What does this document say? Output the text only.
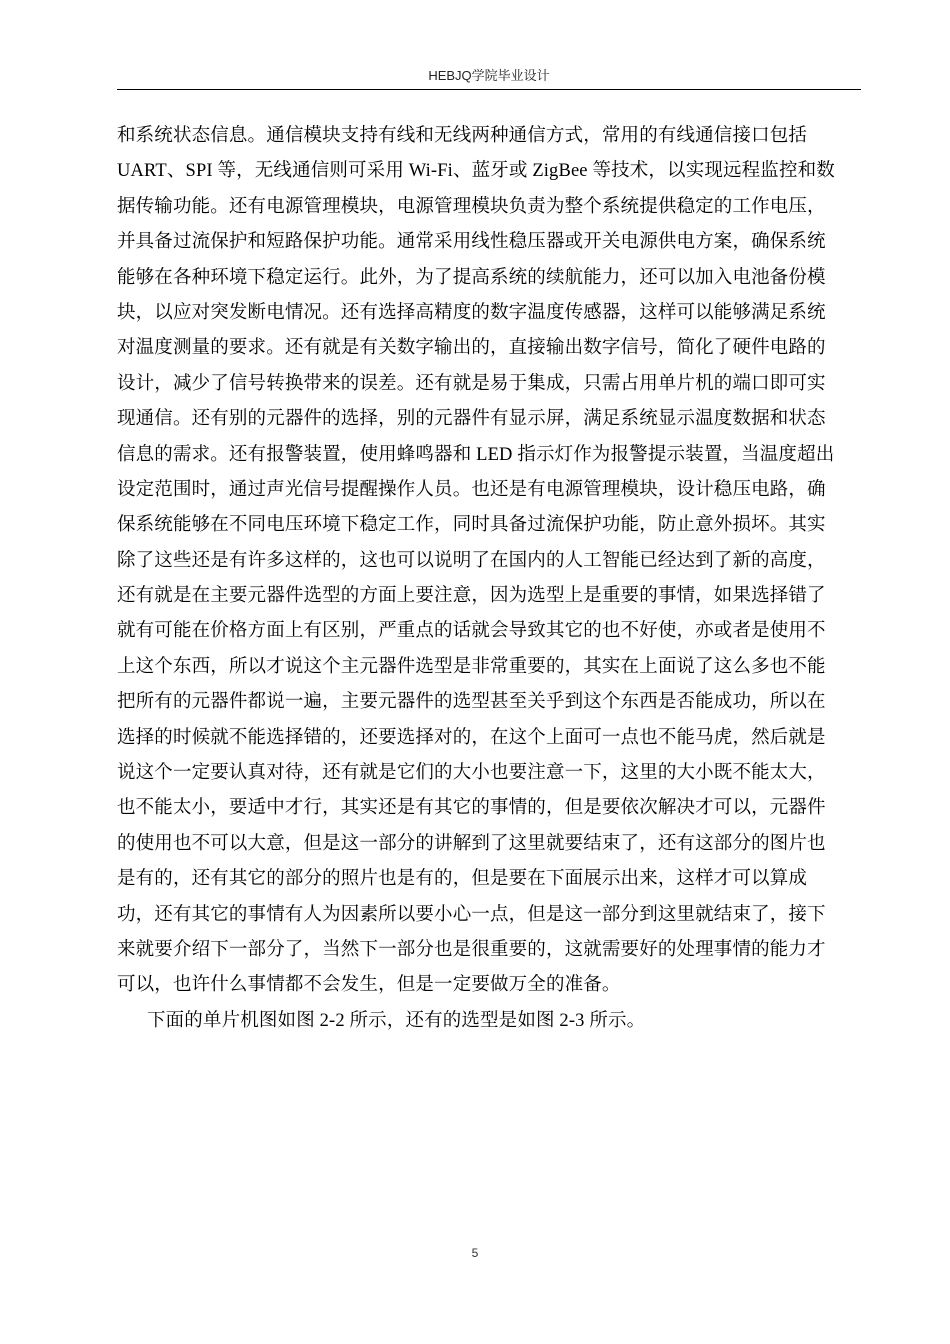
HEBJQ学院毕业设计
和系统状态信息。通信模块支持有线和无线两种通信方式，常用的有线通信接口包括
UART、SPI 等，无线通信则可采用 Wi-Fi、蓝牙或 ZigBee 等技术，以实现远程监控和数
据传输功能。还有电源管理模块，电源管理模块负责为整个系统提供稳定的工作电压，
并具备过流保护和短路保护功能。通常采用线性稳压器或开关电源供电方案，确保系统
能够在各种环境下稳定运行。此外，为了提高系统的续航能力，还可以加入电池备份模
块，以应对突发断电情况。还有选择高精度的数字温度传感器，这样可以能够满足系统
对温度测量的要求。还有就是有关数字输出的，直接输出数字信号，简化了硬件电路的
设计，减少了信号转换带来的误差。还有就是易于集成，只需占用单片机的端口即可实
现通信。还有别的元器件的选择，别的元器件有显示屏，满足系统显示温度数据和状态
信息的需求。还有报警装置，使用蜂鸣器和 LED 指示灯作为报警提示装置，当温度超出
设定范围时，通过声光信号提醒操作人员。也还是有电源管理模块，设计稳压电路，确
保系统能够在不同电压环境下稳定工作，同时具备过流保护功能，防止意外损坏。其实
除了这些还是有许多这样的，这也可以说明了在国内的人工智能已经达到了新的高度，
还有就是在主要元器件选型的方面上要注意，因为选型上是重要的事情，如果选择错了
就有可能在价格方面上有区别，严重点的话就会导致其它的也不好使，亦或者是使用不
上这个东西，所以才说这个主元器件选型是非常重要的，其实在上面说了这么多也不能
把所有的元器件都说一遍，主要元器件的选型甚至关乎到这个东西是否能成功，所以在
选择的时候就不能选择错的，还要选择对的，在这个上面可一点也不能马虎，然后就是
说这个一定要认真对待，还有就是它们的大小也要注意一下，这里的大小既不能太大，
也不能太小，要适中才行，其实还是有其它的事情的，但是要依次解决才可以，元器件
的使用也不可以大意，但是这一部分的讲解到了这里就要结束了，还有这部分的图片也
是有的，还有其它的部分的照片也是有的，但是要在下面展示出来，这样才可以算成
功，还有其它的事情有人为因素所以要小心一点，但是这一部分到这里就结束了，接下
来就要介绍下一部分了，当然下一部分也是很重要的，这就需要好的处理事情的能力才
可以，也许什么事情都不会发生，但是一定要做万全的准备。
下面的单片机图如图 2-2 所示，还有的选型是如图 2-3 所示。
5
